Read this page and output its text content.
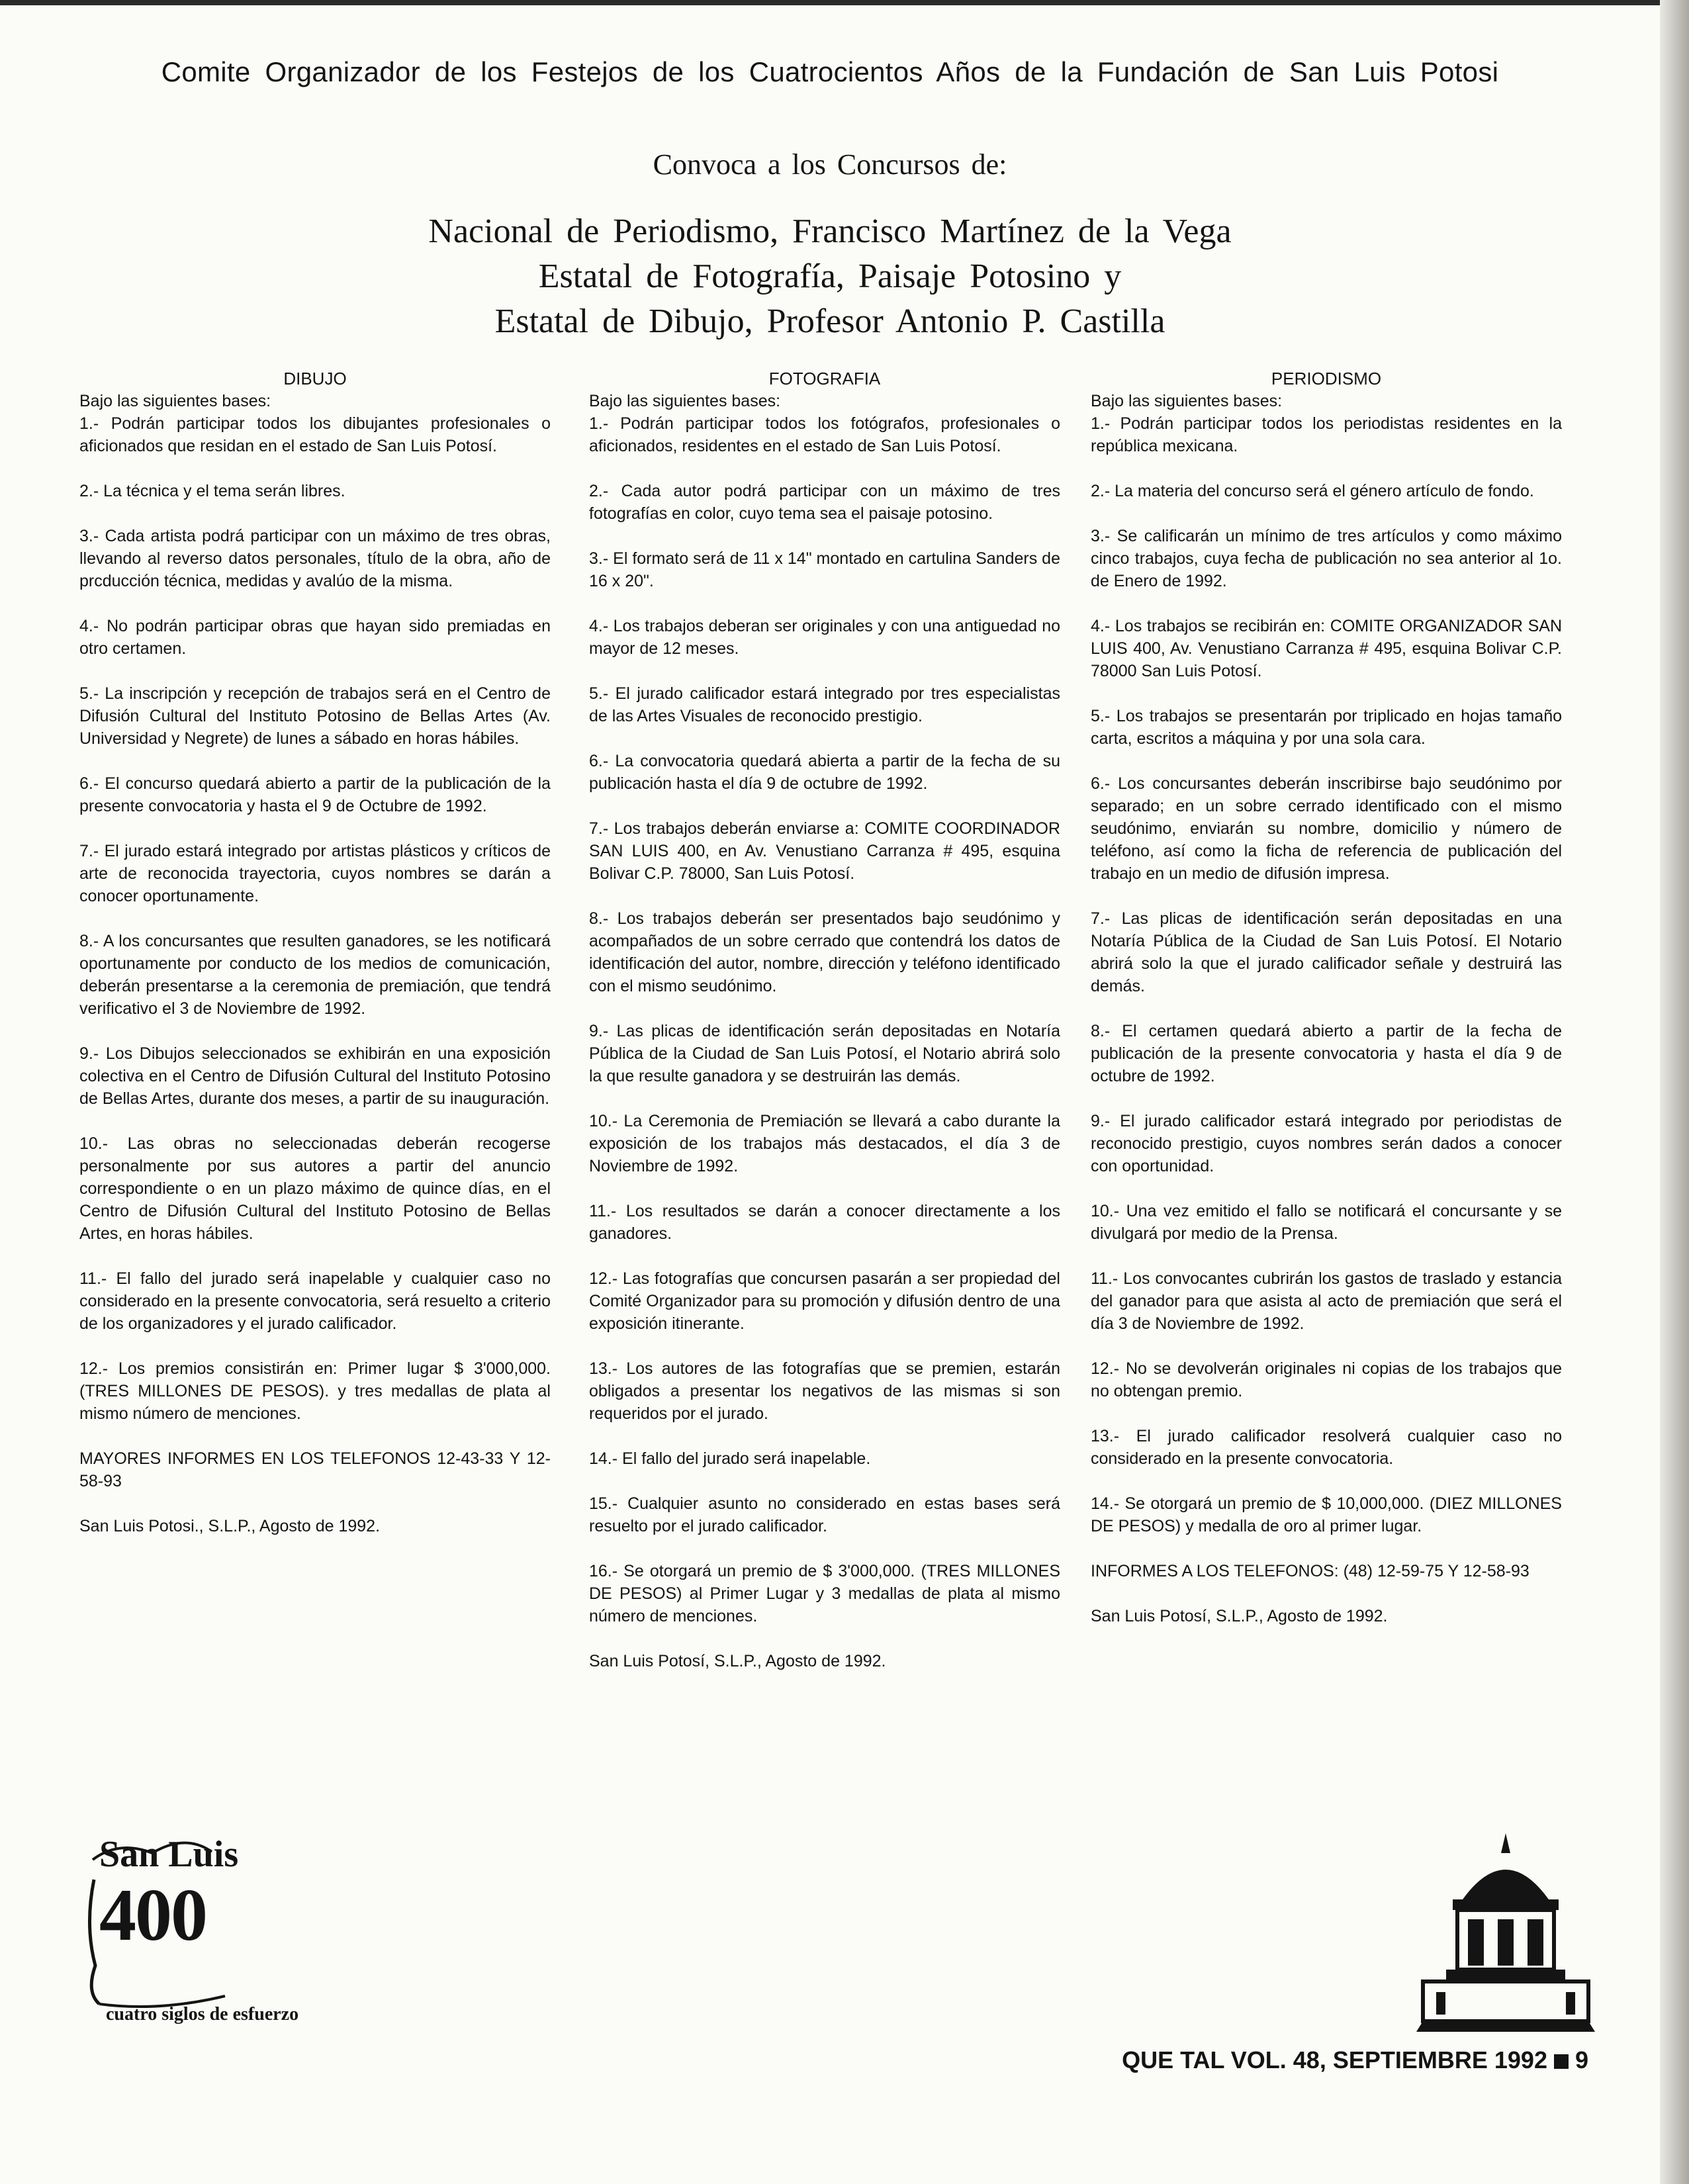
Comite Organizador de los Festejos de los Cuatrocientos Años de la Fundación de San Luis Potosi
Convoca a los Concursos de:
Nacional de Periodismo, Francisco Martínez de la Vega
Estatal de Fotografía, Paisaje Potosino y
Estatal de Dibujo, Profesor Antonio P. Castilla
DIBUJO

Bajo las siguientes bases:

1.- Podrán participar todos los dibujantes profesionales o aficionados que residan en el estado de San Luis Potosí.

2.- La técnica y el tema serán libres.

3.- Cada artista podrá participar con un máximo de tres obras, llevando al reverso datos personales, título de la obra, año de prcducción técnica, medidas y avalúo de la misma.

4.- No podrán participar obras que hayan sido premiadas en otro certamen.

5.- La inscripción y recepción de trabajos será en el Centro de Difusión Cultural del Instituto Potosino de Bellas Artes (Av. Universidad y Negrete) de lunes a sábado en horas hábiles.

6.- El concurso quedará abierto a partir de la publicación de la presente convocatoria y hasta el 9 de Octubre de 1992.

7.- El jurado estará integrado por artistas plásticos y críticos de arte de reconocida trayectoria, cuyos nombres se darán a conocer oportunamente.

8.- A los concursantes que resulten ganadores, se les notificará oportunamente por conducto de los medios de comunicación, deberán presentarse a la ceremonia de premiación, que tendrá verificativo el 3 de Noviembre de 1992.

9.- Los Dibujos seleccionados se exhibirán en una exposición colectiva en el Centro de Difusión Cultural del Instituto Potosino de Bellas Artes, durante dos meses, a partir de su inauguración.

10.- Las obras no seleccionadas deberán recogerse personalmente por sus autores a partir del anuncio correspondiente o en un plazo máximo de quince días, en el Centro de Difusión Cultural del Instituto Potosino de Bellas Artes, en horas hábiles.

11.- El fallo del jurado será inapelable y cualquier caso no considerado en la presente convocatoria, será resuelto a criterio de los organizadores y el jurado calificador.

12.- Los premios consistirán en: Primer lugar $ 3'000,000. (TRES MILLONES DE PESOS). y tres medallas de plata al mismo número de menciones.

MAYORES INFORMES EN LOS TELEFONOS 12-43-33 Y 12-58-93

San Luis Potosi., S.L.P., Agosto de 1992.

FOTOGRAFIA

Bajo las siguientes bases:

1.- Podrán participar todos los fotógrafos, profesionales o aficionados, residentes en el estado de San Luis Potosí.

2.- Cada autor podrá participar con un máximo de tres fotografías en color, cuyo tema sea el paisaje potosino.

3.- El formato será de 11 x 14" montado en cartulina Sanders de 16 x 20".

4.- Los trabajos deberan ser originales y con una antiguedad no mayor de 12 meses.

5.- El jurado calificador estará integrado por tres especialistas de las Artes Visuales de reconocido prestigio.

6.- La convocatoria quedará abierta a partir de la fecha de su publicación hasta el día 9 de octubre de 1992.

7.- Los trabajos deberán enviarse a: COMITE COORDINADOR SAN LUIS 400, en Av. Venustiano Carranza # 495, esquina Bolivar C.P. 78000, San Luis Potosí.

8.- Los trabajos deberán ser presentados bajo seudónimo y acompañados de un sobre cerrado que contendrá los datos de identificación del autor, nombre, dirección y teléfono identificado con el mismo seudónimo.

9.- Las plicas de identificación serán depositadas en Notaría Pública de la Ciudad de San Luis Potosí, el Notario abrirá solo la que resulte ganadora y se destruirán las demás.

10.- La Ceremonia de Premiación se llevará a cabo durante la exposición de los trabajos más destacados, el día 3 de Noviembre de 1992.

11.- Los resultados se darán a conocer directamente a los ganadores.

12.- Las fotografías que concursen pasarán a ser propiedad del Comité Organizador para su promoción y difusión dentro de una exposición itinerante.

13.- Los autores de las fotografías que se premien, estarán obligados a presentar los negativos de las mismas si son requeridos por el jurado.

14.- El fallo del jurado será inapelable.

15.- Cualquier asunto no considerado en estas bases será resuelto por el jurado calificador.

16.- Se otorgará un premio de $ 3'000,000. (TRES MILLONES DE PESOS) al Primer Lugar y 3 medallas de plata al mismo número de menciones.

San Luis Potosí, S.L.P., Agosto de 1992.

PERIODISMO

Bajo las siguientes bases:

1.- Podrán participar todos los periodistas residentes en la república mexicana.

2.- La materia del concurso será el género artículo de fondo.

3.- Se calificarán un mínimo de tres artículos y como máximo cinco trabajos, cuya fecha de publicación no sea anterior al 1o. de Enero de 1992.

4.- Los trabajos se recibirán en: COMITE ORGANIZADOR SAN LUIS 400, Av. Venustiano Carranza # 495, esquina Bolivar C.P. 78000 San Luis Potosí.

5.- Los trabajos se presentarán por triplicado en hojas tamaño carta, escritos a máquina y por una sola cara.

6.- Los concursantes deberán inscribirse bajo seudónimo por separado; en un sobre cerrado identificado con el mismo seudónimo, enviarán su nombre, domicilio y número de teléfono, así como la ficha de referencia de publicación del trabajo en un medio de difusión impresa.

7.- Las plicas de identificación serán depositadas en una Notaría Pública de la Ciudad de San Luis Potosí. El Notario abrirá solo la que el jurado calificador señale y destruirá las demás.

8.- El certamen quedará abierto a partir de la fecha de publicación de la presente convocatoria y hasta el día 9 de octubre de 1992.

9.- El jurado calificador estará integrado por periodistas de reconocido prestigio, cuyos nombres serán dados a conocer con oportunidad.

10.- Una vez emitido el fallo se notificará el concursante y se divulgará por medio de la Prensa.

11.- Los convocantes cubrirán los gastos de traslado y estancia del ganador para que asista al acto de premiación que será el día 3 de Noviembre de 1992.

12.- No se devolverán originales ni copias de los trabajos que no obtengan premio.

13.- El jurado calificador resolverá cualquier caso no considerado en la presente convocatoria.

14.- Se otorgará un premio de $ 10,000,000. (DIEZ MILLONES DE PESOS) y medalla de oro al primer lugar.

INFORMES A LOS TELEFONOS: (48) 12-59-75 Y 12-58-93

San Luis Potosí, S.L.P., Agosto de 1992.

San Luis
400
cuatro siglos de esfuerzo
QUE TAL VOL. 48, SEPTIEMBRE 1992 9
